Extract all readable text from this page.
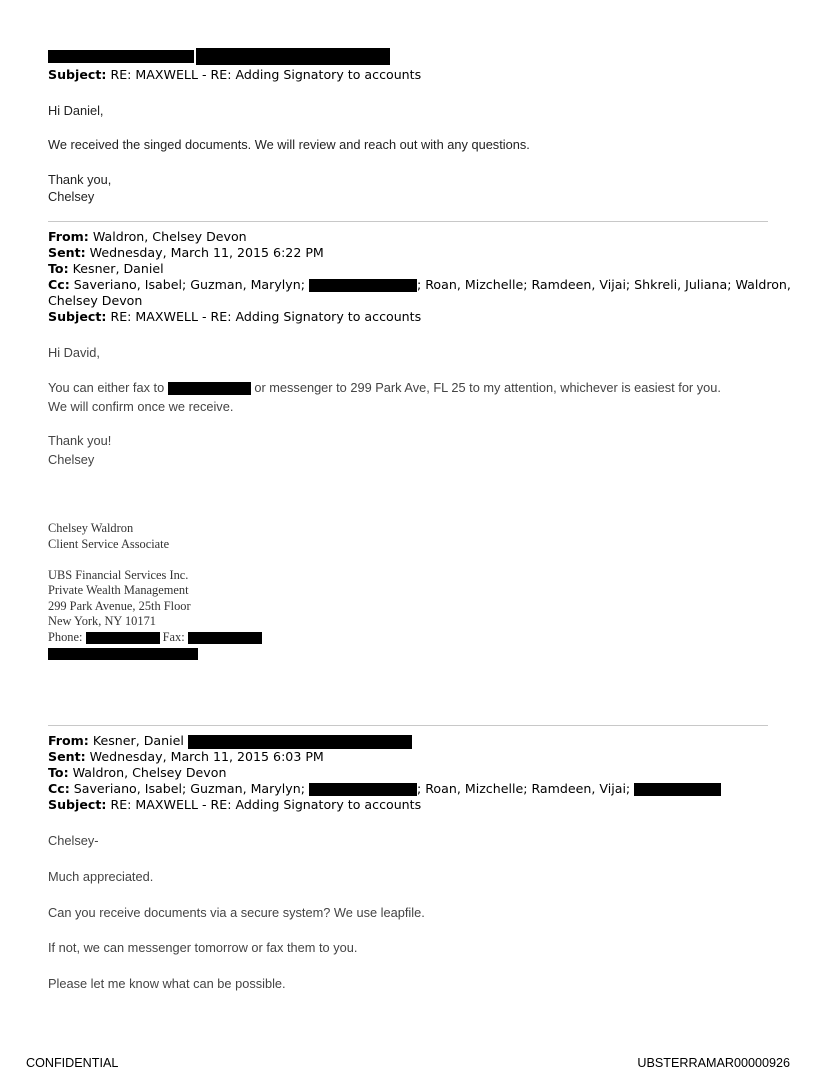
Subject: RE: MAXWELL - RE: Adding Signatory to accounts
Hi Daniel,
We received the singed documents. We will review and reach out with any questions.
Thank you,
Chelsey
From: Waldron, Chelsey Devon
Sent: Wednesday, March 11, 2015 6:22 PM
To: Kesner, Daniel
Cc: Saveriano, Isabel; Guzman, Marylyn;	; Roan, Mizchelle; Ramdeen, Vijai; Shkreli, Juliana; Waldron,
Chelsey Devon
Subject: RE: MAXWELL - RE: Adding Signatory to accounts
Hi David,
You can either fax to	or messenger to 299 Park Ave, FL 25 to my attention, whichever is easiest for you.
We will confirm once we receive.
Thank you!
Chelsey
Chelsey Waldron
Client Service Associate
UBS Financial Services Inc.
Private Wealth Management
299 Park Avenue, 25th Floor
New York, NY 10171
Phone:	Fax:
From: Kesner, Daniel
Sent: Wednesday, March 11, 2015 6:03 PM
To: Waldron, Chelsey Devon
Cc: Saveriano, Isabel; Guzman, Marylyn;	; Roan, Mizchelle; Ramdeen, Vijai;
Subject: RE: MAXWELL - RE: Adding Signatory to accounts
Chelsey-
Much appreciated.
Can you receive documents via a secure system? We use leapfile.
If not, we can messenger tomorrow or fax them to you.
Please let me know what can be possible.
CONFIDENTIAL	UBSTERRAMAR00000926
